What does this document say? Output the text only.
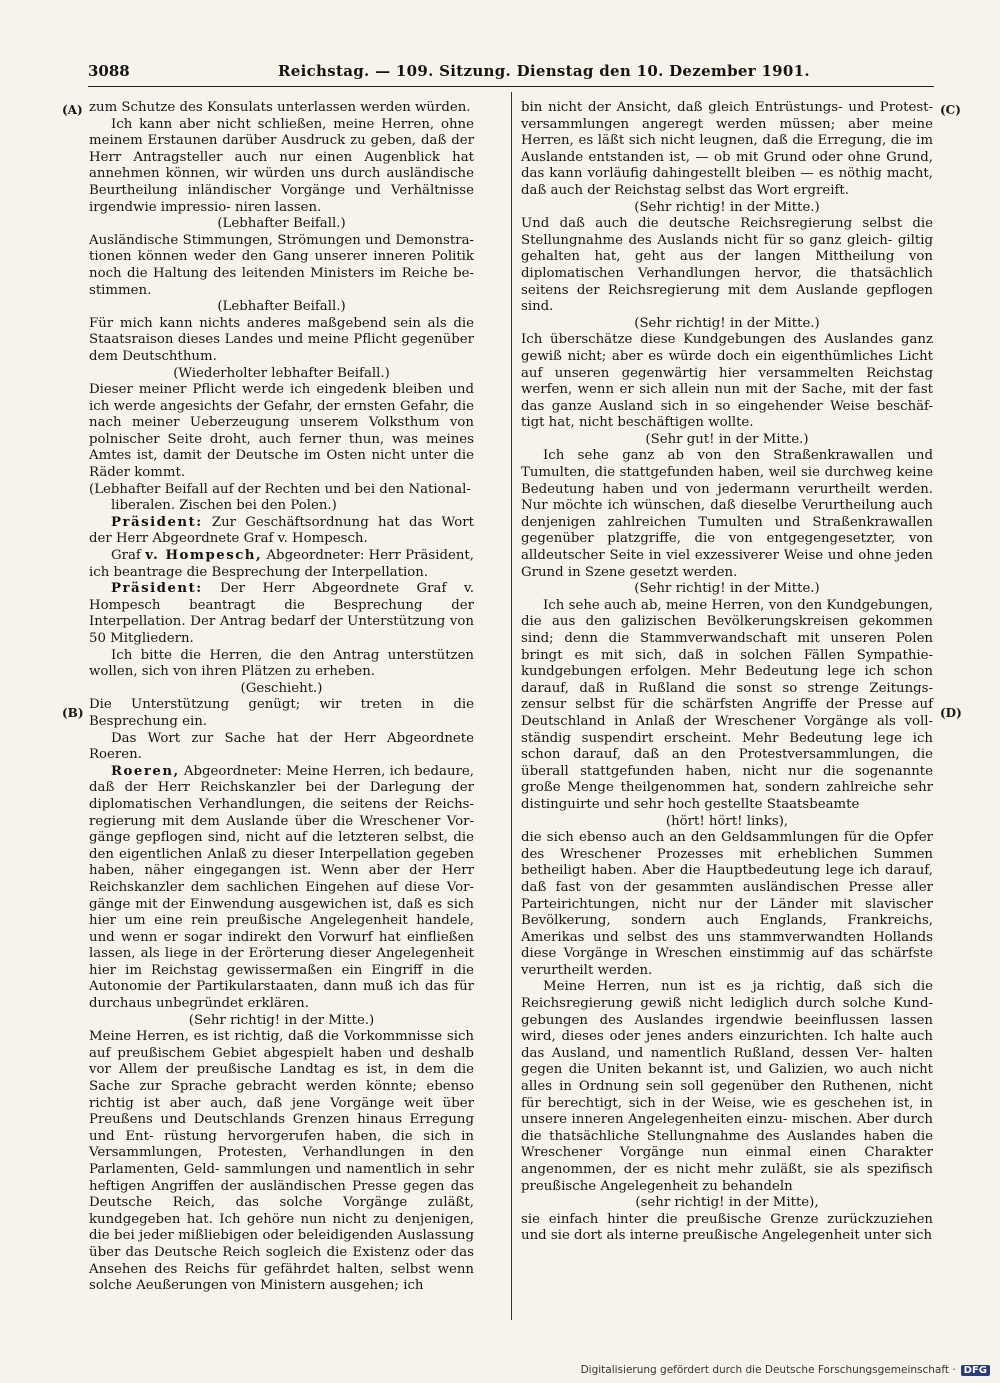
3088	Reichstag. — 109. Sitzung. Dienstag den 10. Dezember 1901.
(A)
(B)
(C)
(D)

zum Schutze des Konsulats unterlassen werden würden.

Ich kann aber nicht schließen, meine Herren, ohne meinem Erstaunen darüber Ausdruck zu geben, daß der Herr Antragsteller auch nur einen Augenblick hat annehmen können, wir würden uns durch ausländische Beurtheilung inländischer Vorgänge und Verhältnisse irgendwie impressio- niren lassen.

(Lebhafter Beifall.)

Ausländische Stimmungen, Strömungen und Demonstra- tionen können weder den Gang unserer inneren Politik noch die Haltung des leitenden Ministers im Reiche be- stimmen.

(Lebhafter Beifall.)

Für mich kann nichts anderes maßgebend sein als die Staatsraison dieses Landes und meine Pflicht gegenüber dem Deutschthum.

(Wiederholter lebhafter Beifall.)

Dieser meiner Pflicht werde ich eingedenk bleiben und ich werde angesichts der Gefahr, der ernsten Gefahr, die nach meiner Ueberzeugung unserem Volksthum von polnischer Seite droht, auch ferner thun, was meines Amtes ist, damit der Deutsche im Osten nicht unter die Räder kommt.

(Lebhafter Beifall auf der Rechten und bei den National- liberalen. Zischen bei den Polen.)

Präsident: Zur Geschäftsordnung hat das Wort der Herr Abgeordnete Graf v. Hompesch.

Graf v. Hompesch, Abgeordneter: Herr Präsident, ich beantrage die Besprechung der Interpellation.

Präsident: Der Herr Abgeordnete Graf v. Hompesch beantragt die Besprechung der Interpellation. Der Antrag bedarf der Unterstützung von 50 Mitgliedern.

Ich bitte die Herren, die den Antrag unterstützen wollen, sich von ihren Plätzen zu erheben.

(Geschieht.)

Die Unterstützung genügt; wir treten in die Besprechung ein.

Das Wort zur Sache hat der Herr Abgeordnete Roeren.

Roeren, Abgeordneter: Meine Herren, ich bedaure, daß der Herr Reichskanzler bei der Darlegung der diplomatischen Verhandlungen, die seitens der Reichs- regierung mit dem Auslande über die Wreschener Vor- gänge gepflogen sind, nicht auf die letzteren selbst, die den eigentlichen Anlaß zu dieser Interpellation gegeben haben, näher eingegangen ist. Wenn aber der Herr Reichskanzler dem sachlichen Eingehen auf diese Vor- gänge mit der Einwendung ausgewichen ist, daß es sich hier um eine rein preußische Angelegenheit handele, und wenn er sogar indirekt den Vorwurf hat einfließen lassen, als liege in der Erörterung dieser Angelegenheit hier im Reichstag gewissermaßen ein Eingriff in die Autonomie der Partikularstaaten, dann muß ich das für durchaus unbegründet erklären.

(Sehr richtig! in der Mitte.)

Meine Herren, es ist richtig, daß die Vorkommnisse sich auf preußischem Gebiet abgespielt haben und deshalb vor Allem der preußische Landtag es ist, in dem die Sache zur Sprache gebracht werden könnte; ebenso richtig ist aber auch, daß jene Vorgänge weit über Preußens und Deutschlands Grenzen hinaus Erregung und Ent- rüstung hervorgerufen haben, die sich in Versammlungen, Protesten, Verhandlungen in den Parlamenten, Geld- sammlungen und namentlich in sehr heftigen Angriffen der ausländischen Presse gegen das Deutsche Reich, das solche Vorgänge zuläßt, kundgegeben hat. Ich gehöre nun nicht zu denjenigen, die bei jeder mißliebigen oder beleidigenden Auslassung über das Deutsche Reich sogleich die Existenz oder das Ansehen des Reichs für gefährdet halten, selbst wenn solche Aeußerungen von Ministern ausgehen; ich

bin nicht der Ansicht, daß gleich Entrüstungs- und Protest- versammlungen angeregt werden müssen; aber meine Herren, es läßt sich nicht leugnen, daß die Erregung, die im Auslande entstanden ist, — ob mit Grund oder ohne Grund, das kann vorläufig dahingestellt bleiben — es nöthig macht, daß auch der Reichstag selbst das Wort ergreift.

(Sehr richtig! in der Mitte.)

Und daß auch die deutsche Reichsregierung selbst die Stellungnahme des Auslands nicht für so ganz gleich- giltig gehalten hat, geht aus der langen Mittheilung von diplomatischen Verhandlungen hervor, die thatsächlich seitens der Reichsregierung mit dem Auslande gepflogen sind.

(Sehr richtig! in der Mitte.)

Ich überschätze diese Kundgebungen des Auslandes ganz gewiß nicht; aber es würde doch ein eigenthümliches Licht auf unseren gegenwärtig hier versammelten Reichstag werfen, wenn er sich allein nun mit der Sache, mit der fast das ganze Ausland sich in so eingehender Weise beschäf- tigt hat, nicht beschäftigen wollte.

(Sehr gut! in der Mitte.)

Ich sehe ganz ab von den Straßenkrawallen und Tumulten, die stattgefunden haben, weil sie durchweg keine Bedeutung haben und von jedermann verurtheilt werden. Nur möchte ich wünschen, daß dieselbe Verurtheilung auch denjenigen zahlreichen Tumulten und Straßenkrawallen gegenüber platzgriffe, die von entgegengesetzter, von alldeutscher Seite in viel exzessiverer Weise und ohne jeden Grund in Szene gesetzt werden.

(Sehr richtig! in der Mitte.)

Ich sehe auch ab, meine Herren, von den Kundgebungen, die aus den galizischen Bevölkerungskreisen gekommen sind; denn die Stammverwandschaft mit unseren Polen bringt es mit sich, daß in solchen Fällen Sympathie- kundgebungen erfolgen. Mehr Bedeutung lege ich schon darauf, daß in Rußland die sonst so strenge Zeitungs- zensur selbst für die schärfsten Angriffe der Presse auf Deutschland in Anlaß der Wreschener Vorgänge als voll- ständig suspendirt erscheint. Mehr Bedeutung lege ich schon darauf, daß an den Protestversammlungen, die überall stattgefunden haben, nicht nur die sogenannte große Menge theilgenommen hat, sondern zahlreiche sehr distinguirte und sehr hoch gestellte Staatsbeamte

(hört! hört! links),

die sich ebenso auch an den Geldsammlungen für die Opfer des Wreschener Prozesses mit erheblichen Summen betheiligt haben. Aber die Hauptbedeutung lege ich darauf, daß fast von der gesammten ausländischen Presse aller Parteirichtungen, nicht nur der Länder mit slavischer Bevölkerung, sondern auch Englands, Frankreichs, Amerikas und selbst des uns stammverwandten Hollands diese Vorgänge in Wreschen einstimmig auf das schärfste verurtheilt werden.

Meine Herren, nun ist es ja richtig, daß sich die Reichsregierung gewiß nicht lediglich durch solche Kund- gebungen des Auslandes irgendwie beeinflussen lassen wird, dieses oder jenes anders einzurichten. Ich halte auch das Ausland, und namentlich Rußland, dessen Ver- halten gegen die Uniten bekannt ist, und Galizien, wo auch nicht alles in Ordnung sein soll gegenüber den Ruthenen, nicht für berechtigt, sich in der Weise, wie es geschehen ist, in unsere inneren Angelegenheiten einzu- mischen. Aber durch die thatsächliche Stellungnahme des Auslandes haben die Wreschener Vorgänge nun einmal einen Charakter angenommen, der es nicht mehr zuläßt, sie als spezifisch preußische Angelegenheit zu behandeln

(sehr richtig! in der Mitte),

sie einfach hinter die preußische Grenze zurückzuziehen und sie dort als interne preußische Angelegenheit unter sich

Digitalisierung gefördert durch die Deutsche Forschungsgemeinschaft · DFG
